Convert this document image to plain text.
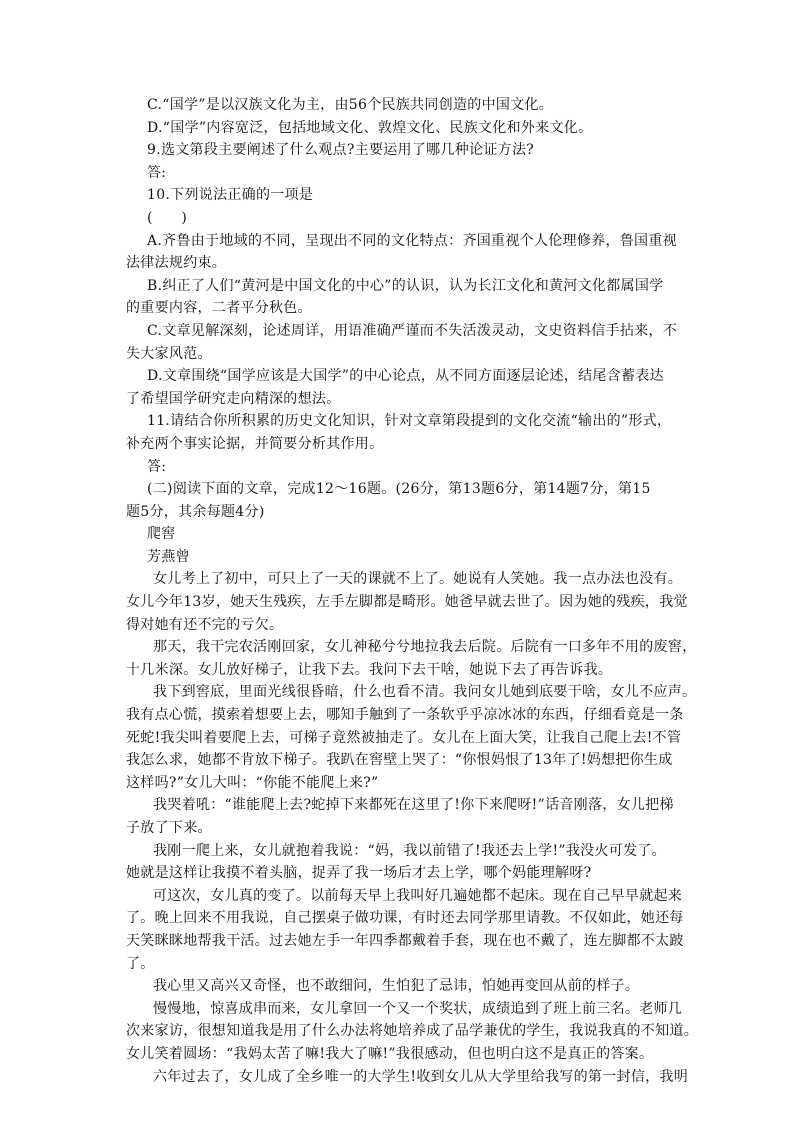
C.“国学”是以汉族文化为主，由56个民族共同创造的中国文化。
D.“国学”内容宽泛，包括地域文化、敦煌文化、民族文化和外来文化。
9.选文第段主要阐述了什么观点?主要运用了哪几种论证方法?
答:
10.下列说法正确的一项是
(　　)
A.齐鲁由于地域的不同，呈现出不同的文化特点：齐国重视个人伦理修养，鲁国重视
法律法规约束。
B.纠正了人们“黄河是中国文化的中心”的认识，认为长江文化和黄河文化都属国学
的重要内容，二者平分秋色。
C.文章见解深刻，论述周详，用语准确严谨而不失活泼灵动，文史资料信手拈来，不
失大家风范。
D.文章围绕“国学应该是大国学”的中心论点，从不同方面逐层论述，结尾含蓄表达
了希望国学研究走向精深的想法。
11.请结合你所积累的历史文化知识，针对文章第段提到的文化交流“输出的”形式，
补充两个事实论据，并简要分析其作用。
答:
(二)阅读下面的文章，完成12～16题。(26分，第13题6分，第14题7分，第15
题5分，其余每题4分)
爬窖
芳燕曾
女儿考上了初中，可只上了一天的课就不上了。她说有人笑她。我一点办法也没有。
女儿今年13岁，她天生残疾，左手左脚都是畸形。她爸早就去世了。因为她的残疾，我觉
得对她有还不完的亏欠。
那天，我干完农活刚回家，女儿神秘兮兮地拉我去后院。后院有一口多年不用的废窖，
十几米深。女儿放好梯子，让我下去。我问下去干啥，她说下去了再告诉我。
我下到窖底，里面光线很昏暗，什么也看不清。我问女儿她到底要干啥，女儿不应声。
我有点心慌，摸索着想要上去，哪知手触到了一条软乎乎凉冰冰的东西，仔细看竟是一条
死蛇!我尖叫着要爬上去，可梯子竟然被抽走了。女儿在上面大笑，让我自己爬上去!不管
我怎么求，她都不肯放下梯子。我趴在窖壁上哭了：“你恨妈恨了13年了!妈想把你生成
这样吗?”女儿大叫：“你能不能爬上来?”
我哭着吼：“谁能爬上去?蛇掉下来都死在这里了!你下来爬呀!”话音刚落，女儿把梯
子放了下来。
我刚一爬上来，女儿就抱着我说：“妈，我以前错了!我还去上学!”我没火可发了。
她就是这样让我摸不着头脑，捉弄了我一场后才去上学，哪个妈能理解呀?
可这次，女儿真的变了。以前每天早上我叫好几遍她都不起床。现在自己早早就起来
了。晚上回来不用我说，自己摆桌子做功课，有时还去同学那里请教。不仅如此，她还每
天笑眯眯地帮我干活。过去她左手一年四季都戴着手套，现在也不戴了，连左脚都不太跛
了。
我心里又高兴又奇怪，也不敢细问，生怕犯了忌讳，怕她再变回从前的样子。
慢慢地，惊喜成串而来，女儿拿回一个又一个奖状，成绩追到了班上前三名。老师几
次来家访，很想知道我是用了什么办法将她培养成了品学兼优的学生，我说我真的不知道。
女儿笑着圆场：“我妈太苦了嘛!我大了嘛!”我很感动，但也明白这不是真正的答案。
六年过去了，女儿成了全乡唯一的大学生!收到女儿从大学里给我写的第一封信，我明
